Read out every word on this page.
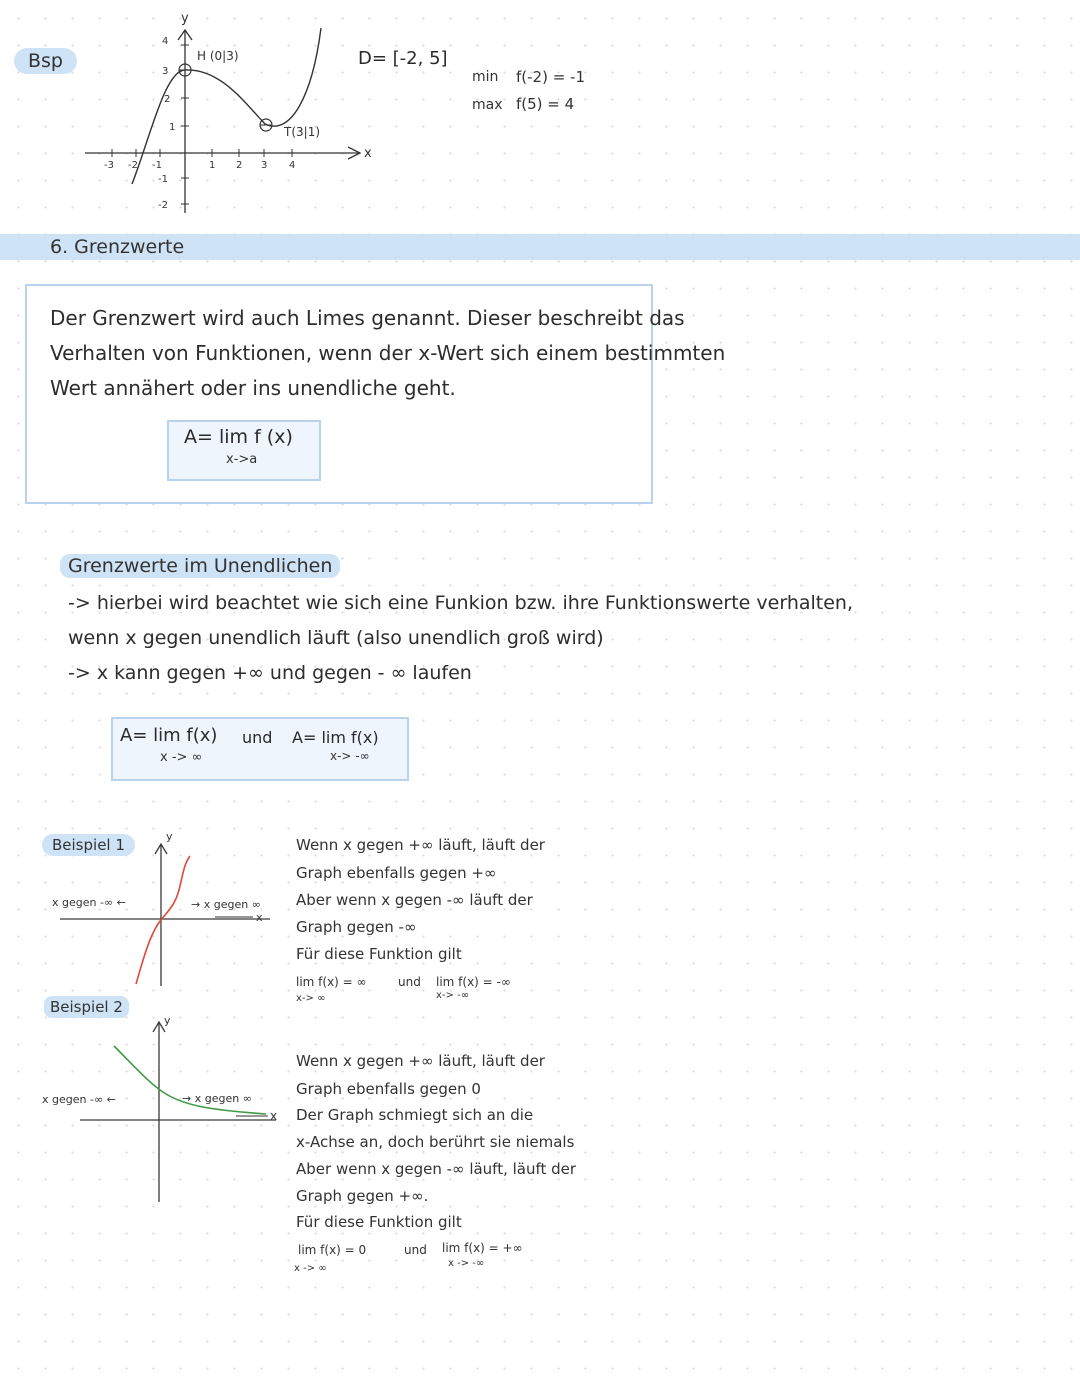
Bsp
-3 -2 -1	1 2 3 4
4
3
2
1
-1
-2
y
x
H (0|3)
T(3|1)
D= [-2, 5]
min f(-2) = -1
max f(5) = 4
6. Grenzwerte
Der Grenzwert wird auch Limes genannt. Dieser beschreibt das
Verhalten von Funktionen, wenn der x-Wert sich einem bestimmten
Wert annähert oder ins unendliche geht.
A= lim f (x)
x->a
Grenzwerte im Unendlichen
-> hierbei wird beachtet wie sich eine Funkion bzw. ihre Funktionswerte verhalten,
wenn x gegen unendlich läuft (also unendlich groß wird)
-> x kann gegen +∞ und gegen - ∞ laufen
A= lim f(x)
x -> ∞
und A= lim f(x)
x-> -∞
Beispiel 1	y
x gegen -∞ ←	→ x gegen ∞
x
Wenn x gegen +∞ läuft, läuft der
Graph ebenfalls gegen +∞
Aber wenn x gegen -∞ läuft der
Graph gegen -∞
Für diese Funktion gilt
lim f(x) = ∞
x-> ∞
und lim f(x) = -∞
x-> -∞
Beispiel 2
y
x gegen -∞ ←	→ x gegen ∞
x
Wenn x gegen +∞ läuft, läuft der
Graph ebenfalls gegen 0
Der Graph schmiegt sich an die
x-Achse an, doch berührt sie niemals
Aber wenn x gegen -∞ läuft, läuft der
Graph gegen +∞.
Für diese Funktion gilt
lim f(x) = 0
x -> ∞
und lim f(x) = +∞
x -> -∞
